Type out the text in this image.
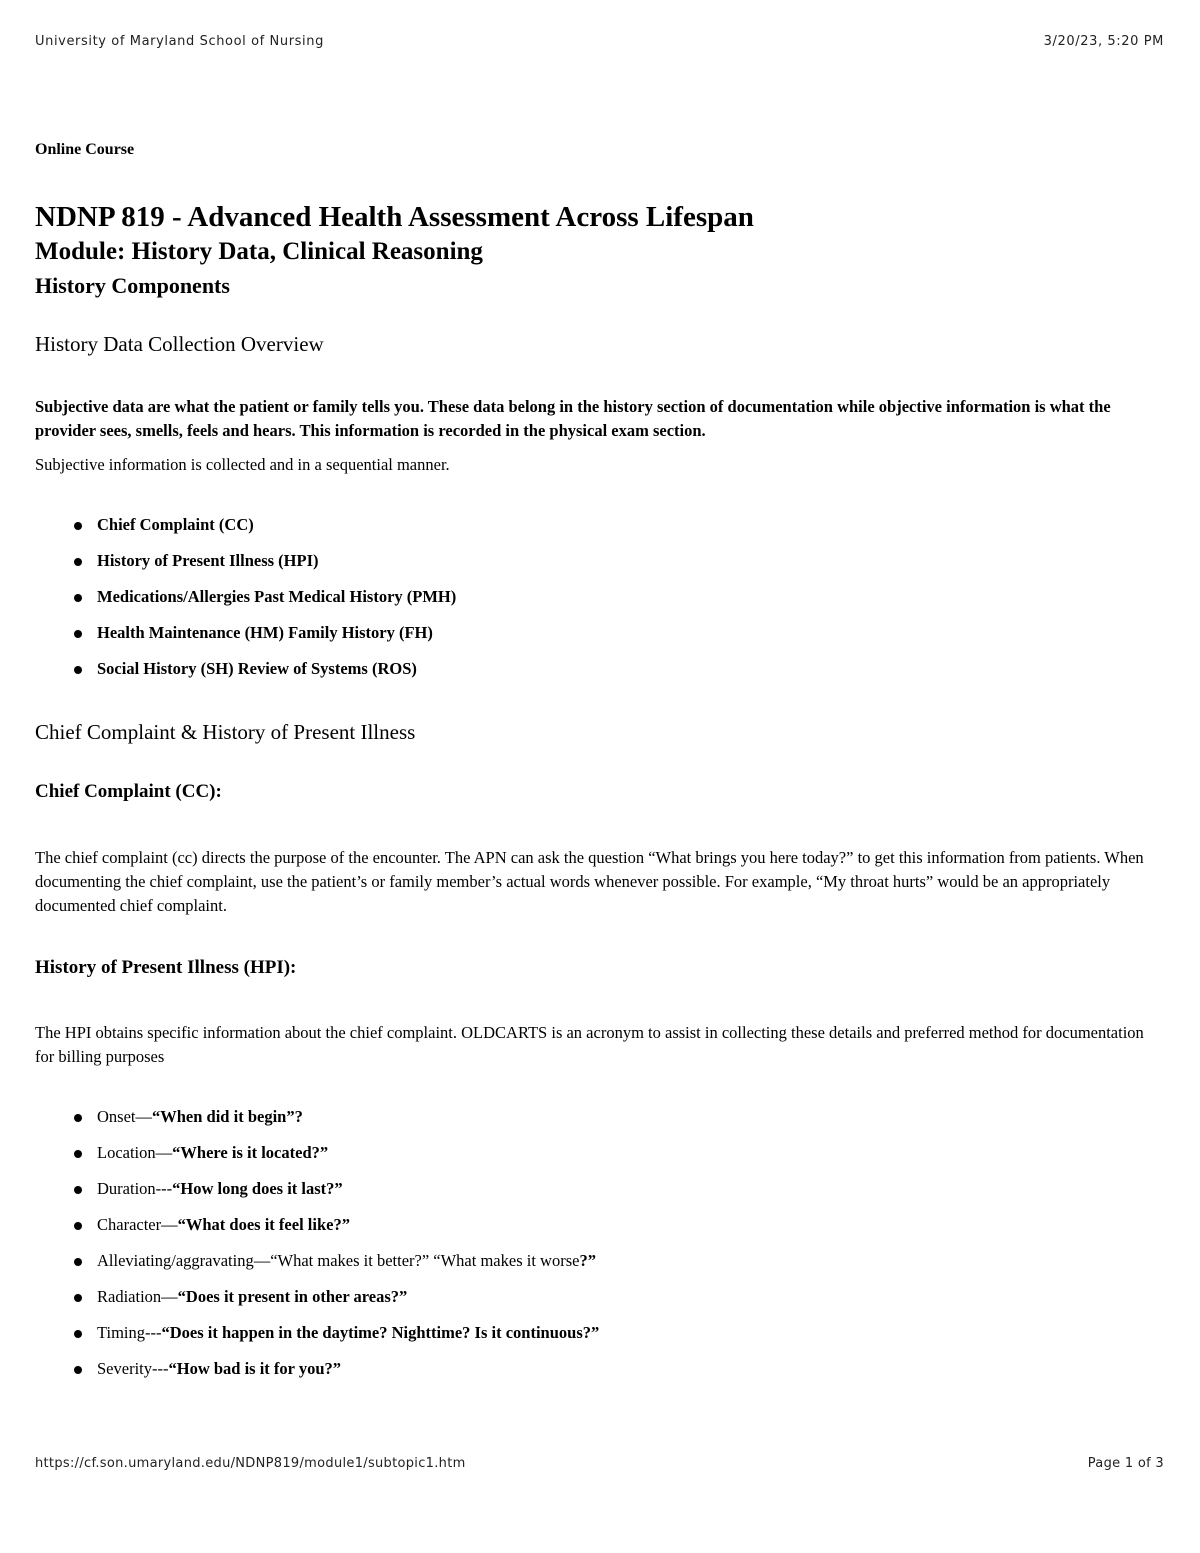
University of Maryland School of Nursing	3/20/23, 5:20 PM
Online Course
NDNP 819 - Advanced Health Assessment Across Lifespan
Module: History Data, Clinical Reasoning
History Components
History Data Collection Overview
Subjective data are what the patient or family tells you. These data belong in the history section of documentation while objective information is what the provider sees, smells, feels and hears. This information is recorded in the physical exam section.
Subjective information is collected and in a sequential manner.
Chief Complaint (CC)
History of Present Illness (HPI)
Medications/Allergies Past Medical History (PMH)
Health Maintenance (HM) Family History (FH)
Social History (SH) Review of Systems (ROS)
Chief Complaint & History of Present Illness
Chief Complaint (CC):
The chief complaint (cc) directs the purpose of the encounter. The APN can ask the question “What brings you here today?” to get this information from patients. When documenting the chief complaint, use the patient’s or family member’s actual words whenever possible. For example, “My throat hurts” would be an appropriately documented chief complaint.
History of Present Illness (HPI):
The HPI obtains specific information about the chief complaint. OLDCARTS is an acronym to assist in collecting these details and preferred method for documentation for billing purposes
Onset—“When did it begin”?
Location—“Where is it located?”
Duration---“How long does it last?”
Character—“What does it feel like?”
Alleviating/aggravating—“What makes it better?” “What makes it worse?”
Radiation—“Does it present in other areas?”
Timing---“Does it happen in the daytime? Nighttime? Is it continuous?”
Severity---“How bad is it for you?”
https://cf.son.umaryland.edu/NDNP819/module1/subtopic1.htm	Page 1 of 3
